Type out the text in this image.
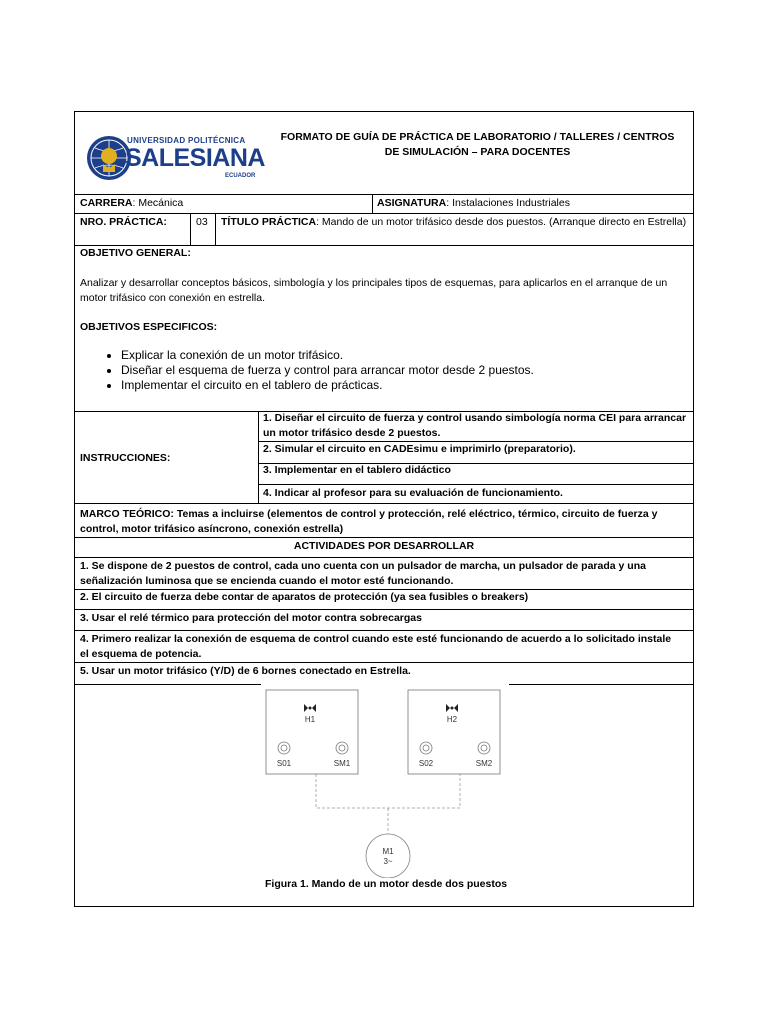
UNIVERSIDAD POLITÉCNICA
SALESIANA
ECUADOR
FORMATO DE GUÍA DE PRÁCTICA DE LABORATORIO / TALLERES / CENTROS DE SIMULACIÓN – PARA DOCENTES
CARRERA: Mecánica	ASIGNATURA: Instalaciones Industriales
NRO. PRÁCTICA:	03 TÍTULO PRÁCTICA: Mando de un motor trifásico desde dos puestos. (Arranque directo en Estrella)
OBJETIVO GENERAL:
Analizar y desarrollar conceptos básicos, simbología y los principales tipos de esquemas, para aplicarlos en el arranque de un motor trifásico con conexión en estrella.
OBJETIVOS ESPECIFICOS:
• Explicar la conexión de un motor trifásico.
• Diseñar el esquema de fuerza y control para arrancar motor desde 2 puestos.
• Implementar el circuito en el tablero de prácticas.
INSTRUCCIONES:
1. Diseñar el circuito de fuerza y control usando simbología norma CEI para arrancar un motor trifásico desde 2 puestos.
2. Simular el circuito en CADEsimu e imprimirlo (preparatorio).
3. Implementar en el tablero didáctico
4. Indicar al profesor para su evaluación de funcionamiento.
MARCO TEÓRICO: Temas a incluirse (elementos de control y protección, relé eléctrico, térmico, circuito de fuerza y control, motor trifásico asíncrono, conexión estrella)
ACTIVIDADES POR DESARROLLAR
1. Se dispone de 2 puestos de control, cada uno cuenta con un pulsador de marcha, un pulsador de parada y una señalización luminosa que se encienda cuando el motor esté funcionando.
2. El circuito de fuerza debe contar de aparatos de protección (ya sea fusibles o breakers)
3. Usar el relé térmico para protección del motor contra sobrecargas
4. Primero realizar la conexión de esquema de control cuando este esté funcionando de acuerdo a lo solicitado instale el esquema de potencia.
5. Usar un motor trifásico (Y/D) de 6 bornes conectado en Estrella.
H1
S01	SM1
H2
S02	SM2
M1
3~
Figura 1. Mando de un motor desde dos puestos
